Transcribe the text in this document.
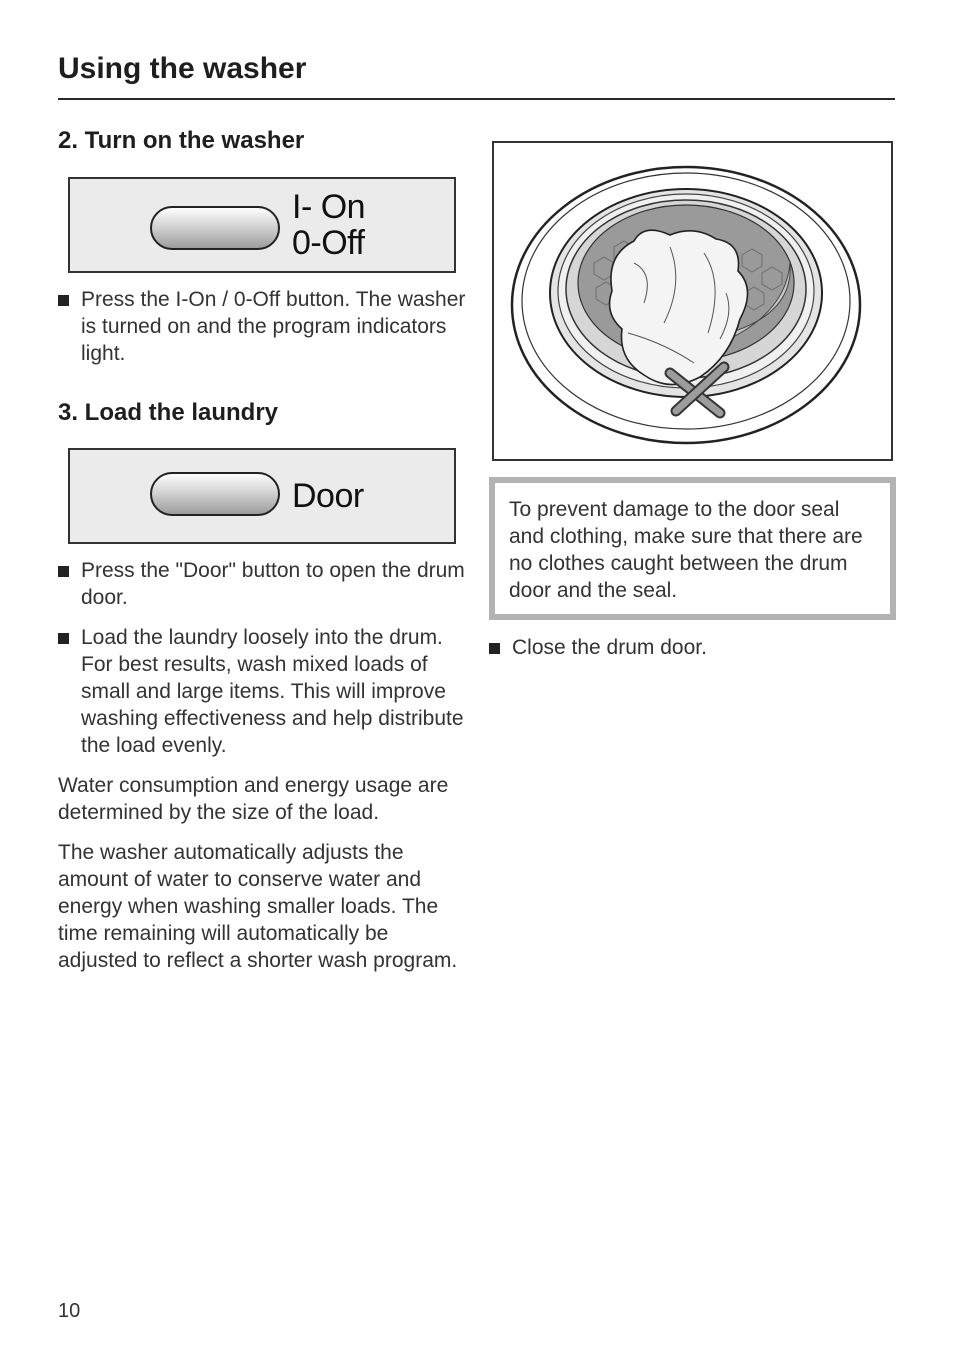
Using the washer
2. Turn on the washer
I- On
0-Off
Press the I-On / 0-Off button. The washer is turned on and the program indicators light.
3. Load the laundry
Door
Press the "Door" button to open the drum door.
Load the laundry loosely into the drum. For best results, wash mixed loads of small and large items. This will improve washing effectiveness and help distribute the load evenly.

Water consumption and energy usage are determined by the size of the load.

The washer automatically adjusts the amount of water to conserve water and energy when washing smaller loads. The time remaining will automatically be adjusted to reflect a shorter wash program.

To prevent damage to the door seal and clothing, make sure that there are no clothes caught between the drum door and the seal.
Close the drum door.
10
